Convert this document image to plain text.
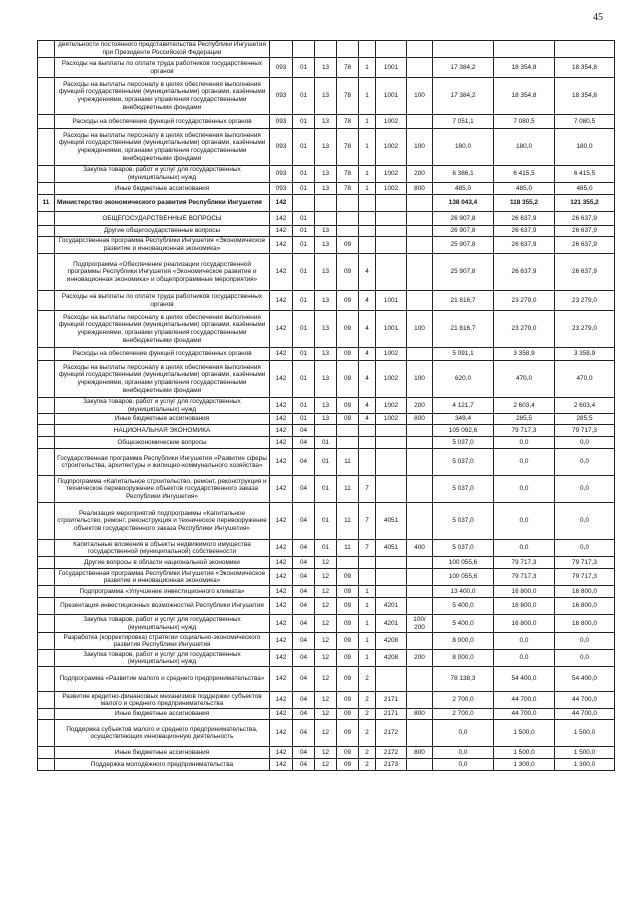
45
	деятельности постоянного представительства Республики Ингушетия при Президенте Российской Федерации										
	Расходы на выплаты по оплате труда работников государственных органов	093	01	13	78	1	1001		17 384,2	18 354,8	18 354,8
	Расходы на выплаты персоналу в целях обеспечения выполнения функций государственными (муниципальными) органами, казёнными учреждениями, органами управления государственными внебюджетными фондами	093	01	13	78	1	1001	100	17 384,2	18 354,8	18 354,8
	Расходы на обеспечение функций государственных органов	093	01	13	78	1	1002		7 051,1	7 080,5	7 080,5
	Расходы на выплаты персоналу в целях обеспечения выполнения функций государственными (муниципальными) органами, казёнными учреждениями, органами управления государственными внебюджетными фондами	093	01	13	78	1	1002	100	180,0	180,0	180,0
	Закупка товаров, работ и услуг для государственных (муниципальных) нужд	093	01	13	78	1	1002	200	6 386,1	6 415,5	6 415,5
	Иные бюджетные ассигнования	093	01	13	78	1	1002	800	485,0	485,0	485,0
11	Министерство экономического развития Республики Ингушетия	142							138 043,4	118 355,2	121 355,2
	ОБЩЕГОСУДАРСТВЕННЫЕ ВОПРОСЫ	142	01						26 907,8	26 637,9	26 637,9
	Другие общегосударственные вопросы	142	01	13					26 907,8	26 637,9	26 637,9
	Государственная программа Республики Ингушетия «Экономическое развитие и инновационная экономика»	142	01	13	09				25 907,8	26 637,9	26 637,9
	Подпрограмма «Обеспечение реализации государственной программы Республики Ингушетия «Экономическое развитие и инновационная экономика» и общепрограммные мероприятия»	142	01	13	09	4			25 907,8	26 637,9	26 637,9
	Расходы на выплаты по оплате труда работников государственных органов	142	01	13	09	4	1001		21 816,7	23 279,0	23 279,0
	Расходы на выплаты персоналу в целях обеспечения выполнения функций государственными (муниципальными) органами, казёнными учреждениями, органами управления государственными внебюджетными фондами	142	01	13	09	4	1001	100	21 816,7	23 279,0	23 279,0
	Расходы на обеспечение функций государственных органов	142	01	13	09	4	1002		5 091,1	3 358,9	3 358,9
	Расходы на выплаты персоналу в целях обеспечения выполнения функций государственными (муниципальными) органами, казёнными учреждениями, органами управления государственными внебюджетными фондами	142	01	13	09	4	1002	100	620,0	470,0	470,0
	Закупка товаров, работ и услуг для государственных (муниципальных) нужд	142	01	13	09	4	1002	200	4 121,7	2 603,4	2 603,4
	Иные бюджетные ассигнования	142	01	13	09	4	1002	800	349,4	285,5	285,5
	НАЦИОНАЛЬНАЯ ЭКОНОМИКА	142	04						105 092,6	79 717,3	79 717,3
	Общеэкономические вопросы	142	04	01					5 037,0	0,0	0,0
	Государственная программа Республики Ингушетия «Развитие сферы строительства, архитектуры и жилищно-коммунального хозяйства»	142	04	01	11				5 037,0	0,0	0,0
	Подпрограмма «Капитальное строительство, ремонт, реконструкция и техническое перевооружение объектов государственного заказа Республики Ингушетия»	142	04	01	11	7			5 037,0	0,0	0,0
	Реализация мероприятий подпрограммы «Капитальное строительство, ремонт, реконструкция и техническое перевооружение объектов государственного заказа Республики Ингушетия»	142	04	01	11	7	4051		5 037,0	0,0	0,0
	Капитальные вложения в объекты недвижимого имущества государственной (муниципальной) собственности	142	04	01	11	7	4051	400	5 037,0	0,0	0,0
	Другие вопросы в области национальной экономики	142	04	12					100 055,6	79 717,3	79 717,3
	Государственная программа Республики Ингушетия «Экономическое развитие и инновационная экономика»	142	04	12	09				100 055,6	79 717,3	79 717,3
	Подпрограмма «Улучшение инвестиционного климата»	142	04	12	09	1			13 400,0	16 800,0	16 800,0
	Презентация инвестиционных возможностей Республики Ингушетия	142	04	12	09	1	4201		5 400,0	16 800,0	16 800,0
	Закупка товаров, работ и услуг для государственных (муниципальных) нужд	142	04	12	09	1	4201	100/ 200	5 400,0	16 800,0	16 800,0
	Разработка (корректировка) стратегии социально-экономического развития Республики Ингушетия	142	04	12	09	1	4208		8 000,0	0,0	0,0
	Закупка товаров, работ и услуг для государственных (муниципальных) нужд	142	04	12	09	1	4208	200	8 000,0	0,0	0,0
	Подпрограмма «Развитие малого и среднего предпринимательства»	142	04	12	09	2			78 138,3	54 400,0	54 400,0
	Развитие кредитно-финансовых механизмов поддержки субъектов малого и среднего предпринимательства	142	04	12	09	2	2171		2 700,0	44 700,0	44 700,0
	Иные бюджетные ассигнования	142	04	12	09	2	2171	800	2 700,0	44 700,0	44 700,0
	Поддержка субъектов малого и среднего предпринимательства, осуществляющих инновационную деятельность	142	04	12	09	2	2172		0,0	1 500,0	1 500,0
	Иные бюджетные ассигнования	142	04	12	09	2	2172	800	0,0	1 500,0	1 500,0
	Поддержка молодёжного предпринимательства	142	04	12	09	2	2173		0,0	1 300,0	1 300,0
